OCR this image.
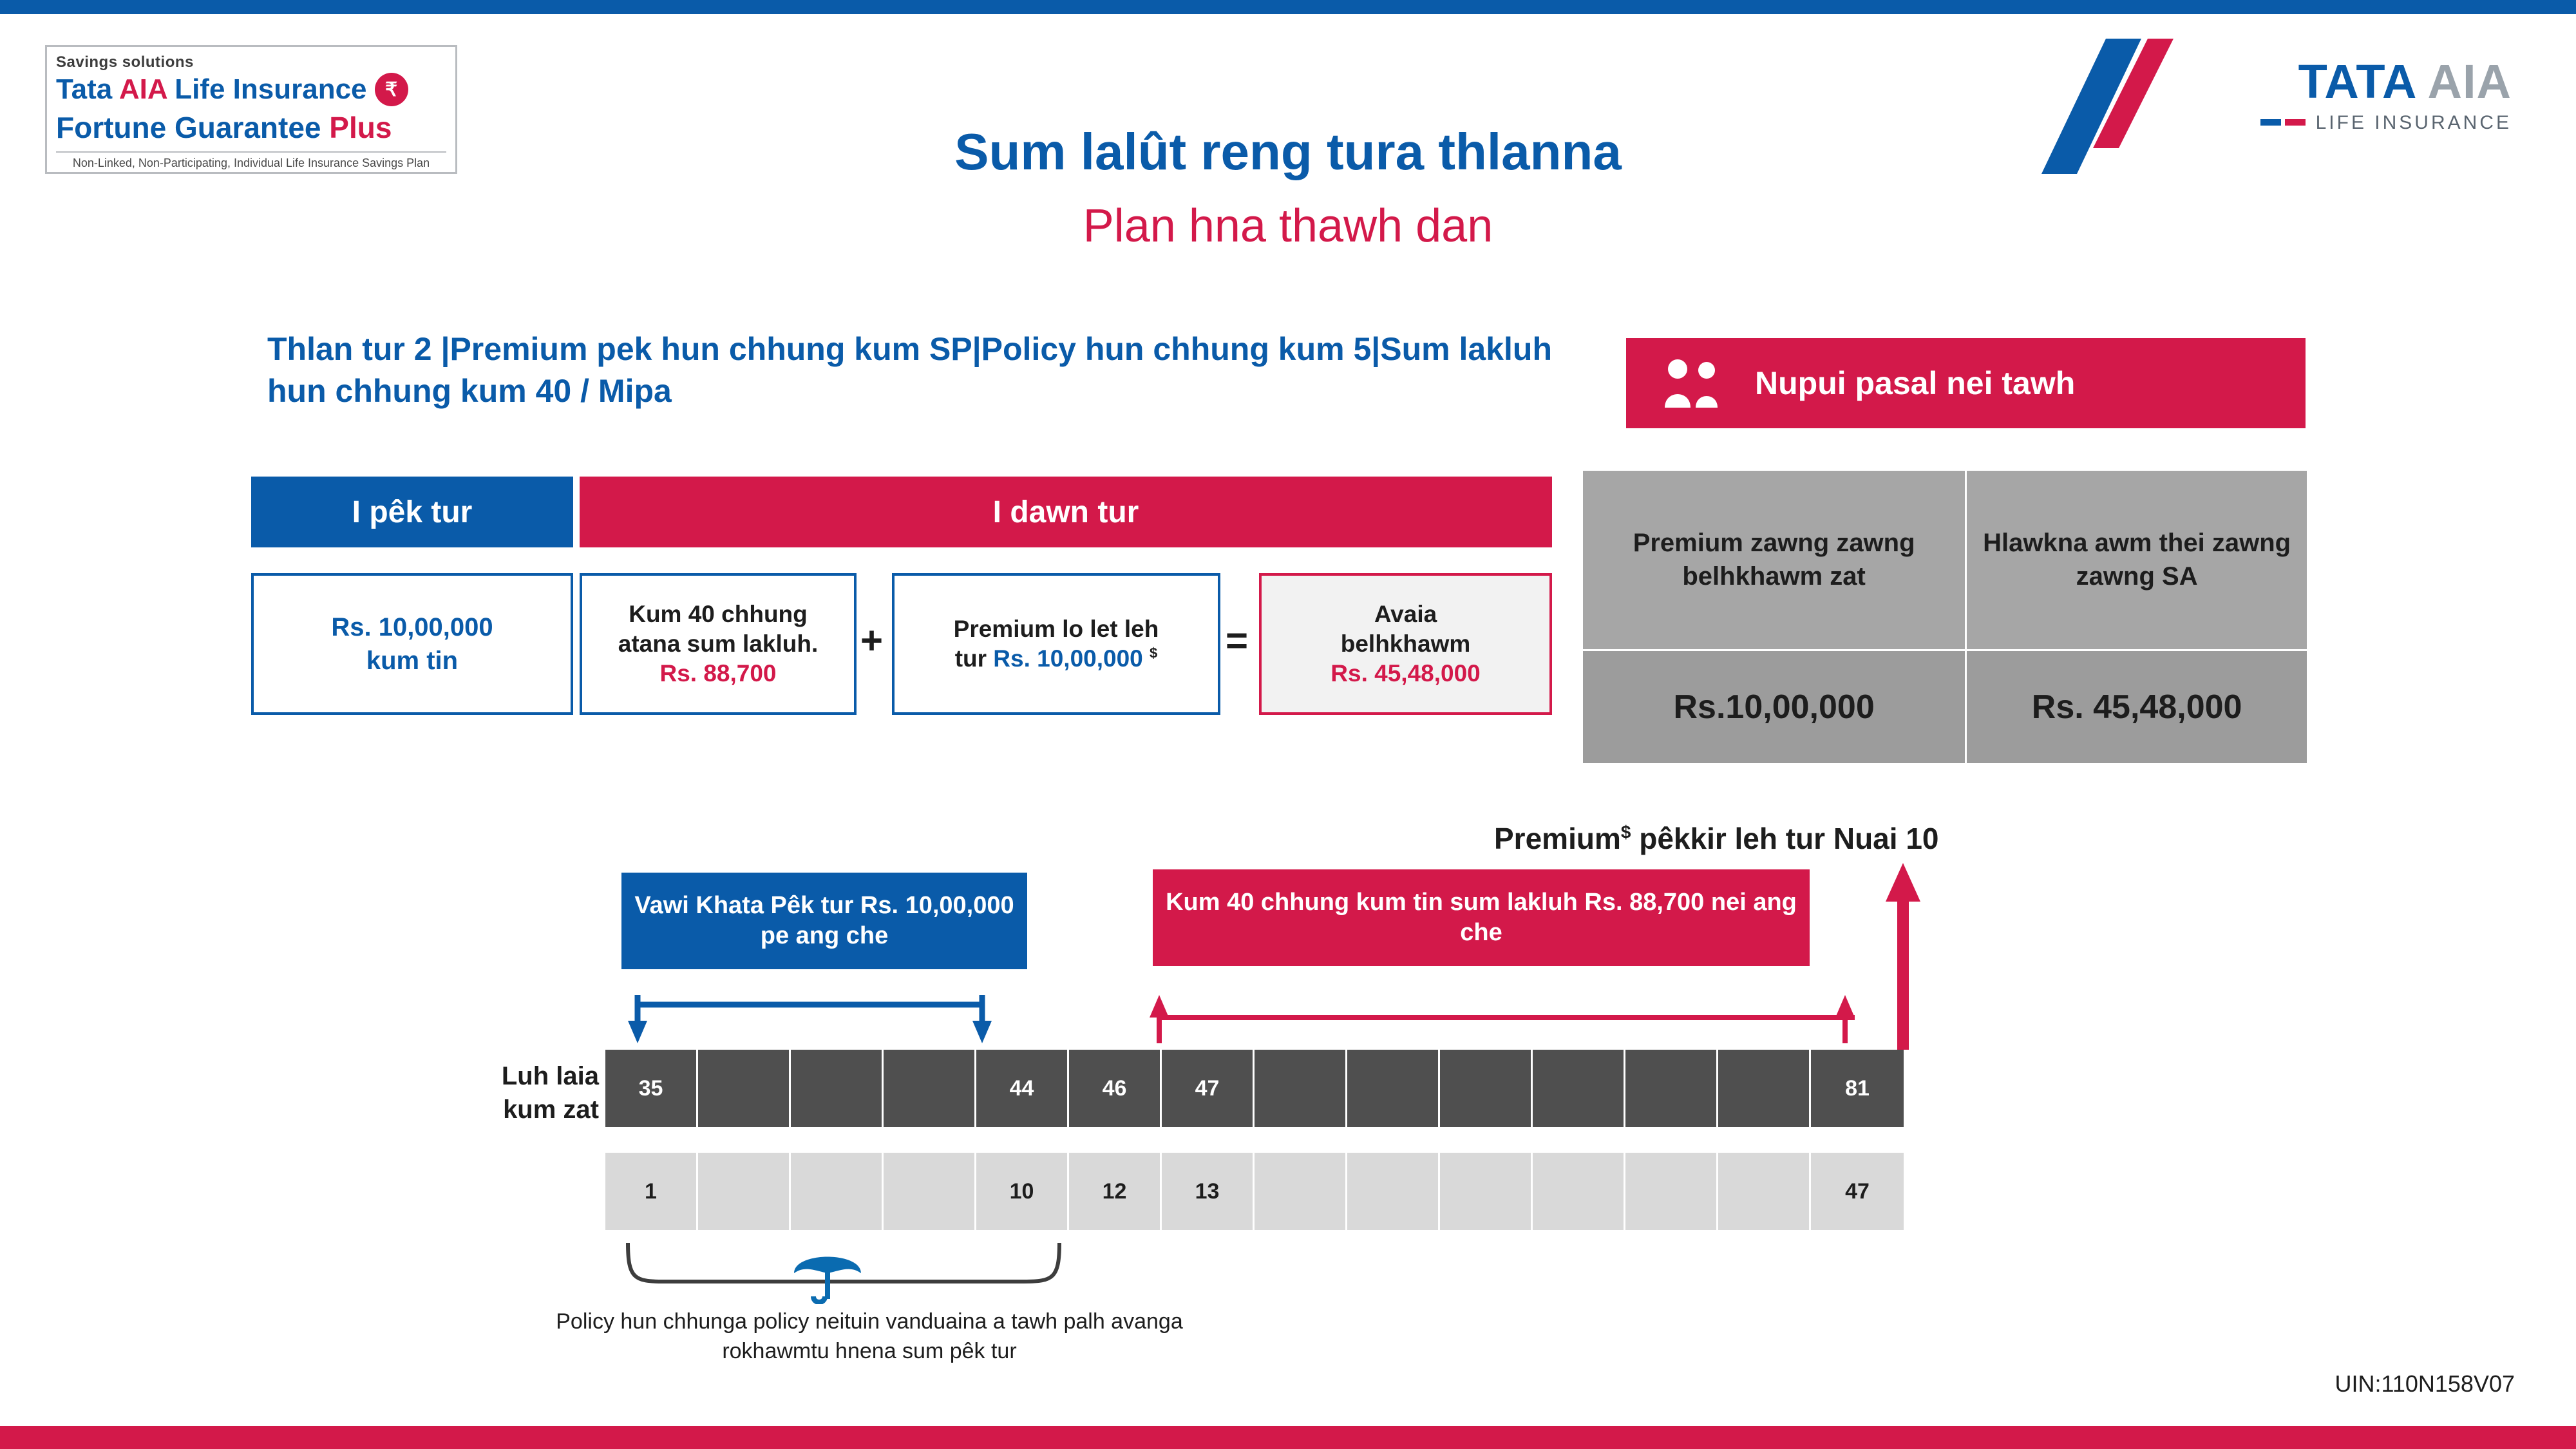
Savings solutions
Tata AIA Life Insurance ₹
Fortune Guarantee Plus
Non-Linked, Non-Participating, Individual Life Insurance Savings Plan
TATA AIA
LIFE INSURANCE
Sum lalût reng tura thlanna
Plan hna thawh dan
Thlan tur 2 |Premium pek hun chhung kum SP|Policy hun chhung kum 5|Sum lakluh hun chhung kum 40 / Mipa	Nupui pasal nei tawh
I pêk tur	I dawn tur
Rs. 10,00,000
kum tin
Kum 40 chhung
atana sum lakluh.
Rs. 88,700
+	Premium lo let leh
tur Rs. 10,00,000 $ =
Avaia
belhkhawm
Rs. 45,48,000
Premium zawng zawng belhkhawm zat	Hlawkna awm thei zawng zawng SA
Rs.10,00,000	Rs. 45,48,000
Premium$ pêkkir leh tur Nuai 10
Vawi Khata Pêk tur Rs. 10,00,000 pe ang che
Kum 40 chhung kum tin sum lakluh Rs. 88,700 nei ang che
Luh laia kum zat
35	44	46	47	81
1	10	12	13	47
Policy hun chhunga policy neituin vanduaina a tawh palh avanga rokhawmtu hnena sum pêk tur
UIN:110N158V07
